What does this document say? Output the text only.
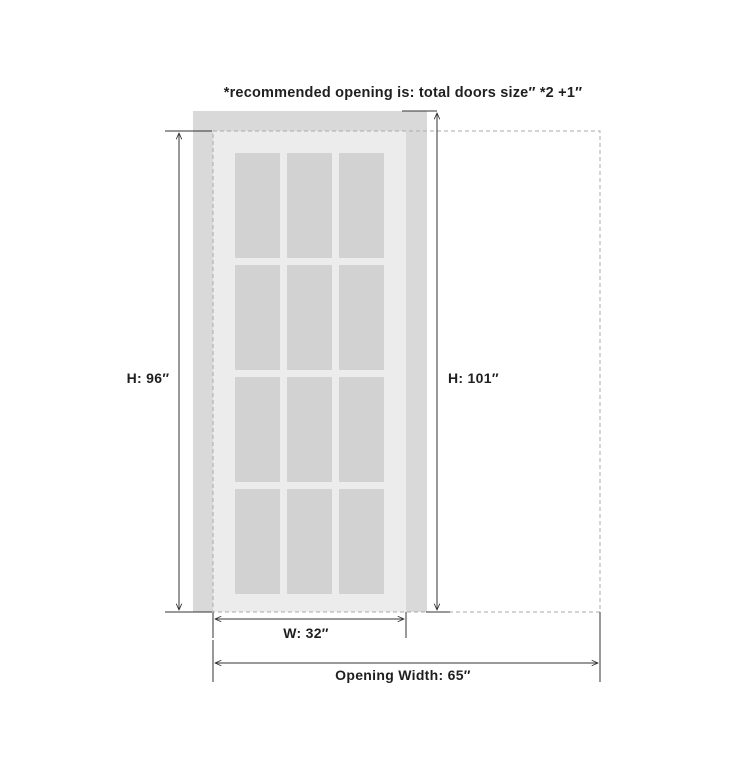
*recommended opening is: total doors size″ *2 +1″
H: 96″	H: 101″
W: 32″
Opening Width: 65″
